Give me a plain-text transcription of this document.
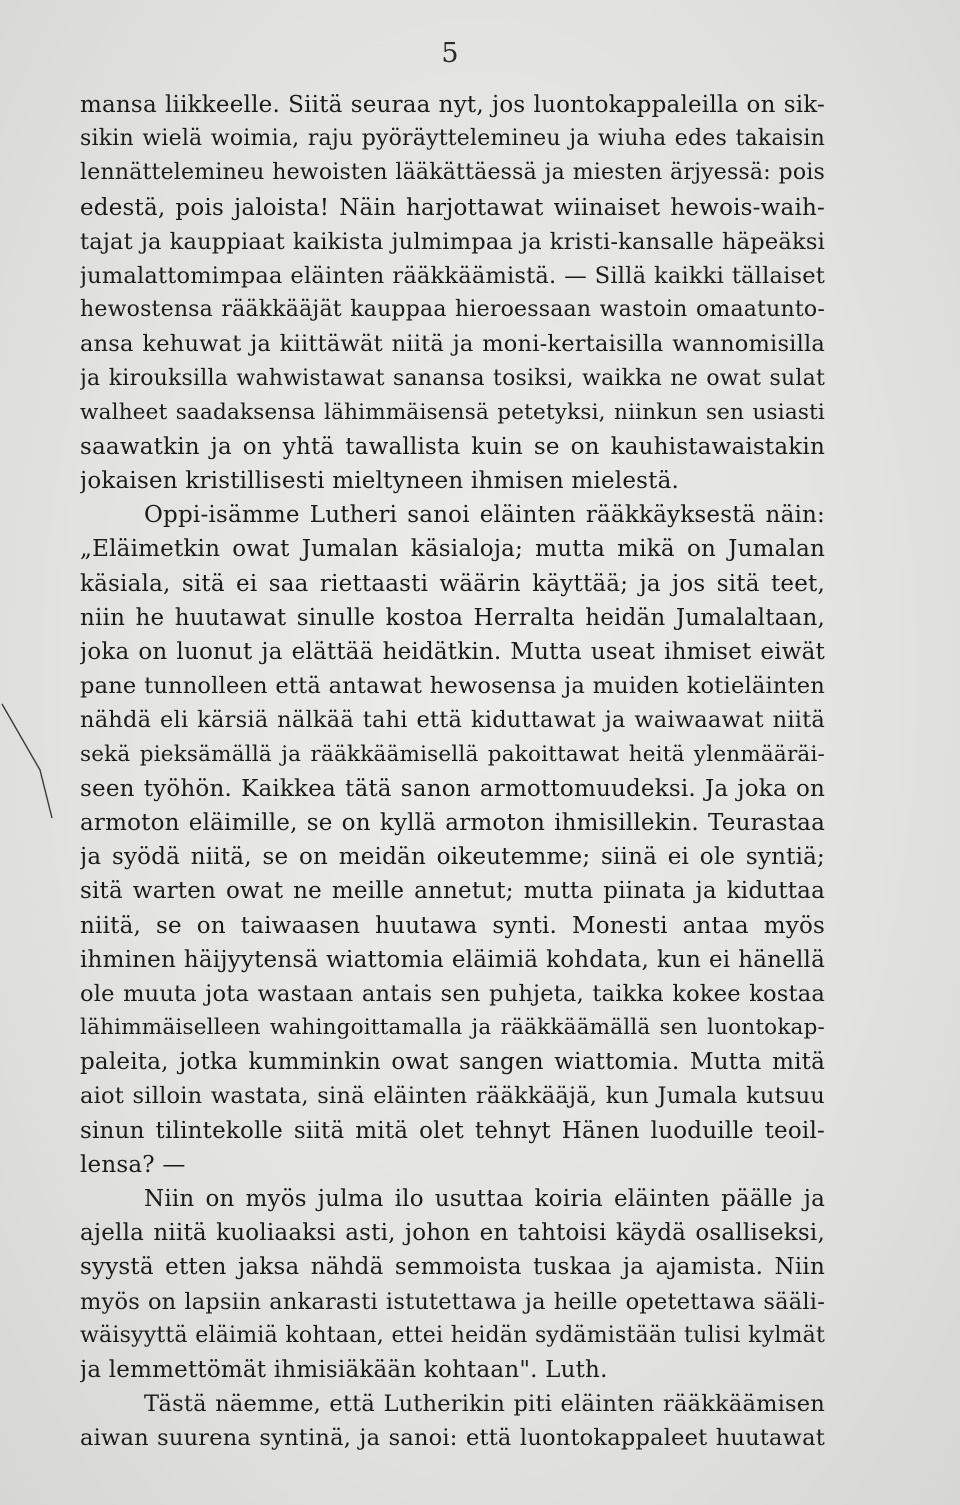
5
mansa liikkeelle. Siitä seuraa nyt, jos luontokappaleilla on sik-
sikin wielä woimia, raju pyöräyttelemineu ja wiuha edes takaisin
lennättelemineu hewoisten lääkättäessä ja miesten ärjyessä: pois
edestä, pois jaloista! Näin harjottawat wiinaiset hewois-waih-
tajat ja kauppiaat kaikista julmimpaa ja kristi-kansalle häpeäksi
jumalattomimpaa eläinten rääkkäämistä. — Sillä kaikki tällaiset
hewostensa rääkkääjät kauppaa hieroessaan wastoin omaatunto-
ansa kehuwat ja kiittäwät niitä ja moni-kertaisilla wannomisilla
ja kirouksilla wahwistawat sanansa tosiksi, waikka ne owat sulat
walheet saadaksensa lähimmäisensä petetyksi, niinkun sen usiasti
saawatkin ja on yhtä tawallista kuin se on kauhistawaistakin
jokaisen kristillisesti mieltyneen ihmisen mielestä.
Oppi-isämme Lutheri sanoi eläinten rääkkäyksestä näin:
„Eläimetkin owat Jumalan käsialoja; mutta mikä on Jumalan
käsiala, sitä ei saa riettaasti wäärin käyttää; ja jos sitä teet,
niin he huutawat sinulle kostoa Herralta heidän Jumalaltaan,
joka on luonut ja elättää heidätkin. Mutta useat ihmiset eiwät
pane tunnolleen että antawat hewosensa ja muiden kotieläinten
nähdä eli kärsiä nälkää tahi että kiduttawat ja waiwaawat niitä
sekä pieksämällä ja rääkkäämisellä pakoittawat heitä ylenmääräi-
seen työhön. Kaikkea tätä sanon armottomuudeksi. Ja joka on
armoton eläimille, se on kyllä armoton ihmisillekin. Teurastaa
ja syödä niitä, se on meidän oikeutemme; siinä ei ole syntiä;
sitä warten owat ne meille annetut; mutta piinata ja kiduttaa
niitä, se on taiwaasen huutawa synti. Monesti antaa myös
ihminen häijyytensä wiattomia eläimiä kohdata, kun ei hänellä
ole muuta jota wastaan antais sen puhjeta, taikka kokee kostaa
lähimmäiselleen wahingoittamalla ja rääkkäämällä sen luontokap-
paleita, jotka kumminkin owat sangen wiattomia. Mutta mitä
aiot silloin wastata, sinä eläinten rääkkääjä, kun Jumala kutsuu
sinun tilintekolle siitä mitä olet tehnyt Hänen luoduille teoil-
lensa? —
Niin on myös julma ilo usuttaa koiria eläinten päälle ja
ajella niitä kuoliaaksi asti, johon en tahtoisi käydä osalliseksi,
syystä etten jaksa nähdä semmoista tuskaa ja ajamista. Niin
myös on lapsiin ankarasti istutettawa ja heille opetettawa sääli-
wäisyyttä eläimiä kohtaan, ettei heidän sydämistään tulisi kylmät
ja lemmettömät ihmisiäkään kohtaan". Luth.
Tästä näemme, että Lutherikin piti eläinten rääkkäämisen
aiwan suurena syntinä, ja sanoi: että luontokappaleet huutawat
